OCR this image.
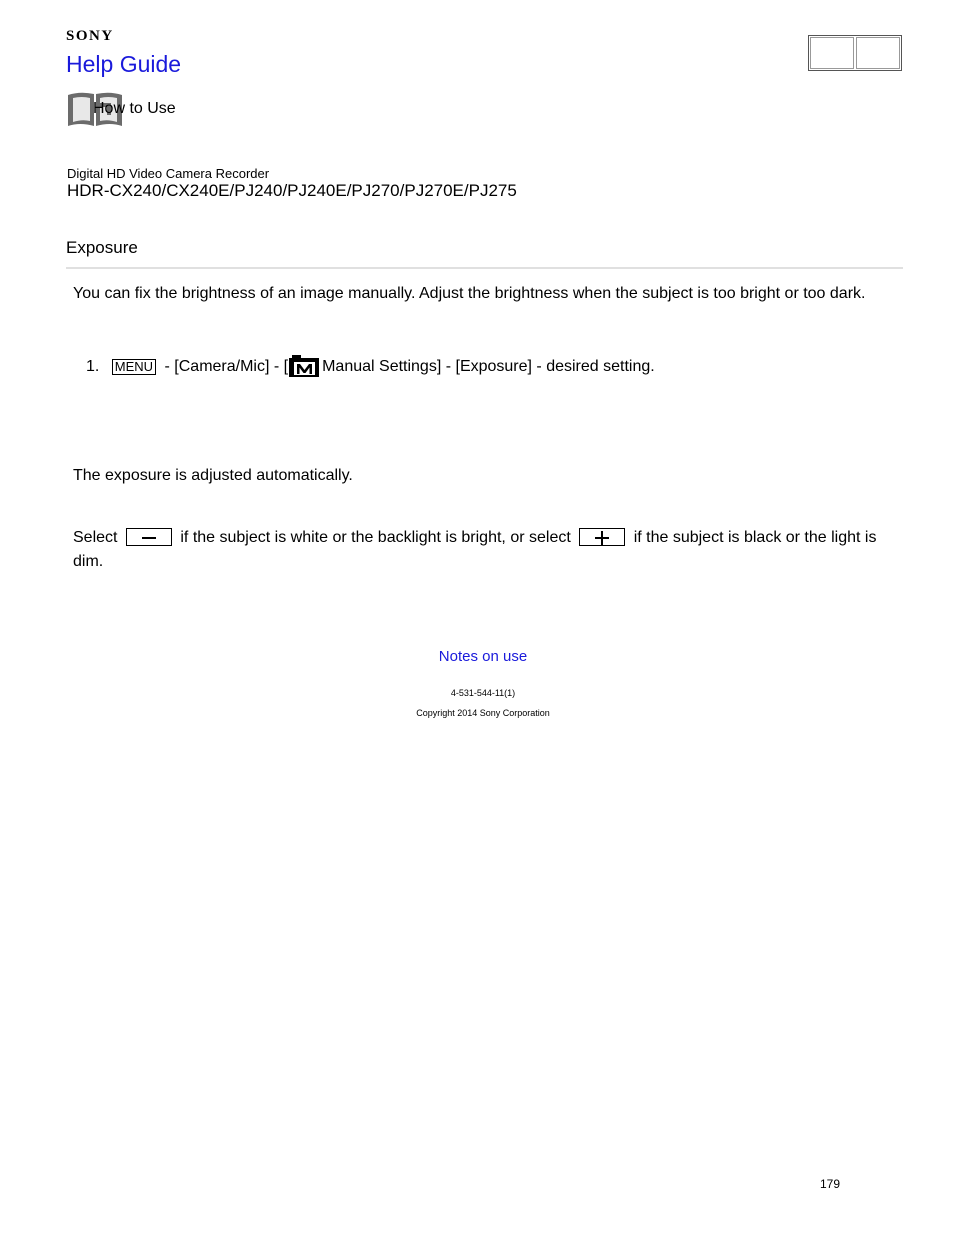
SONY
Help Guide
How to Use
Digital HD Video Camera Recorder
HDR-CX240/CX240E/PJ240/PJ240E/PJ270/PJ270E/PJ275
Exposure
You can fix the brightness of an image manually. Adjust the brightness when the subject is too bright or too dark.
1. MENU - [Camera/Mic] - [ Manual Settings] - [Exposure] - desired setting.
The exposure is adjusted automatically.
Select	if the subject is white or the backlight is bright, or select	if the subject is black or the light is dim.
Notes on use
4-531-544-11(1)
Copyright 2014 Sony Corporation
179
